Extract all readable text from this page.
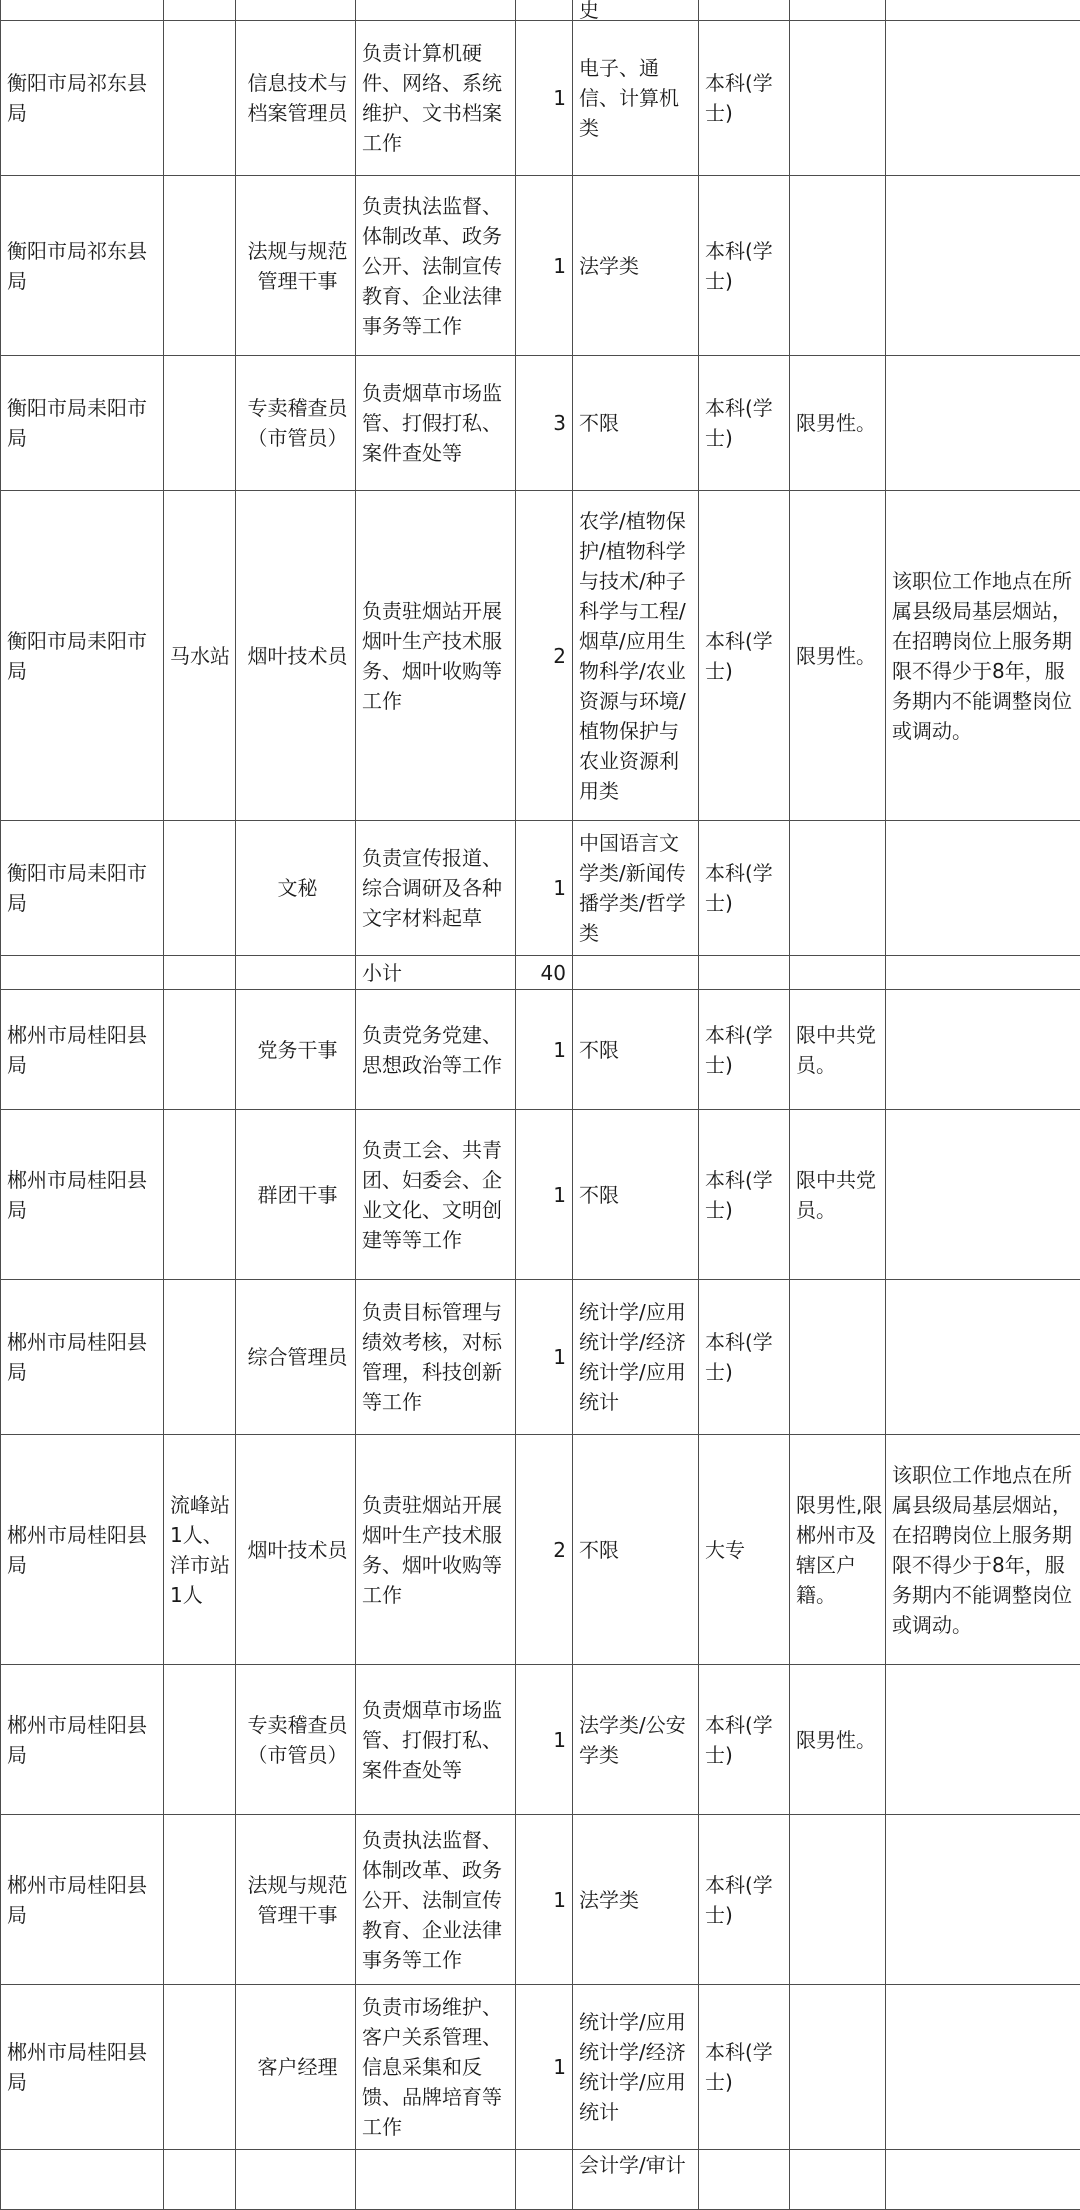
					史			
衡阳市局祁东县局		信息技术与档案管理员	负责计算机硬件、网络、系统维护、文书档案工作	1	电子、通信、计算机类	本科(学士)		
衡阳市局祁东县局		法规与规范管理干事	负责执法监督、体制改革、政务公开、法制宣传教育、企业法律事务等工作	1	法学类	本科(学士)		
衡阳市局耒阳市局		专卖稽查员（市管员）	负责烟草市场监管、打假打私、案件查处等	3	不限	本科(学士)	限男性。	
衡阳市局耒阳市局	马水站	烟叶技术员	负责驻烟站开展烟叶生产技术服务、烟叶收购等工作	2	农学/植物保护/植物科学与技术/种子科学与工程/烟草/应用生物科学/农业资源与环境/植物保护与农业资源利用类	本科(学士)	限男性。	该职位工作地点在所属县级局基层烟站，在招聘岗位上服务期限不得少于8年，服务期内不能调整岗位或调动。
衡阳市局耒阳市局		文秘	负责宣传报道、综合调研及各种文字材料起草	1	中国语言文学类/新闻传播学类/哲学类	本科(学士)		

			小计	40				
郴州市局桂阳县局		党务干事	负责党务党建、思想政治等工作	1	不限	本科(学士)	限中共党员。	
郴州市局桂阳县局		群团干事	负责工会、共青团、妇委会、企业文化、文明创建等等工作	1	不限	本科(学士)	限中共党员。	
郴州市局桂阳县局		综合管理员	负责目标管理与绩效考核，对标管理，科技创新等工作	1	统计学/应用统计学/经济统计学/应用统计	本科(学士)		
郴州市局桂阳县局	流峰站1人、洋市站1人	烟叶技术员	负责驻烟站开展烟叶生产技术服务、烟叶收购等工作	2	不限	大专	限男性,限郴州市及辖区户籍。	该职位工作地点在所属县级局基层烟站，在招聘岗位上服务期限不得少于8年，服务期内不能调整岗位或调动。
郴州市局桂阳县局		专卖稽查员（市管员）	负责烟草市场监管、打假打私、案件查处等	1	法学类/公安学类	本科(学士)	限男性。	
郴州市局桂阳县局		法规与规范管理干事	负责执法监督、体制改革、政务公开、法制宣传教育、企业法律事务等工作	1	法学类	本科(学士)		
郴州市局桂阳县局		客户经理	负责市场维护、客户关系管理、信息采集和反馈、品牌培育等工作	1	统计学/应用统计学/经济统计学/应用统计	本科(学士)		
					会计学/审计			
